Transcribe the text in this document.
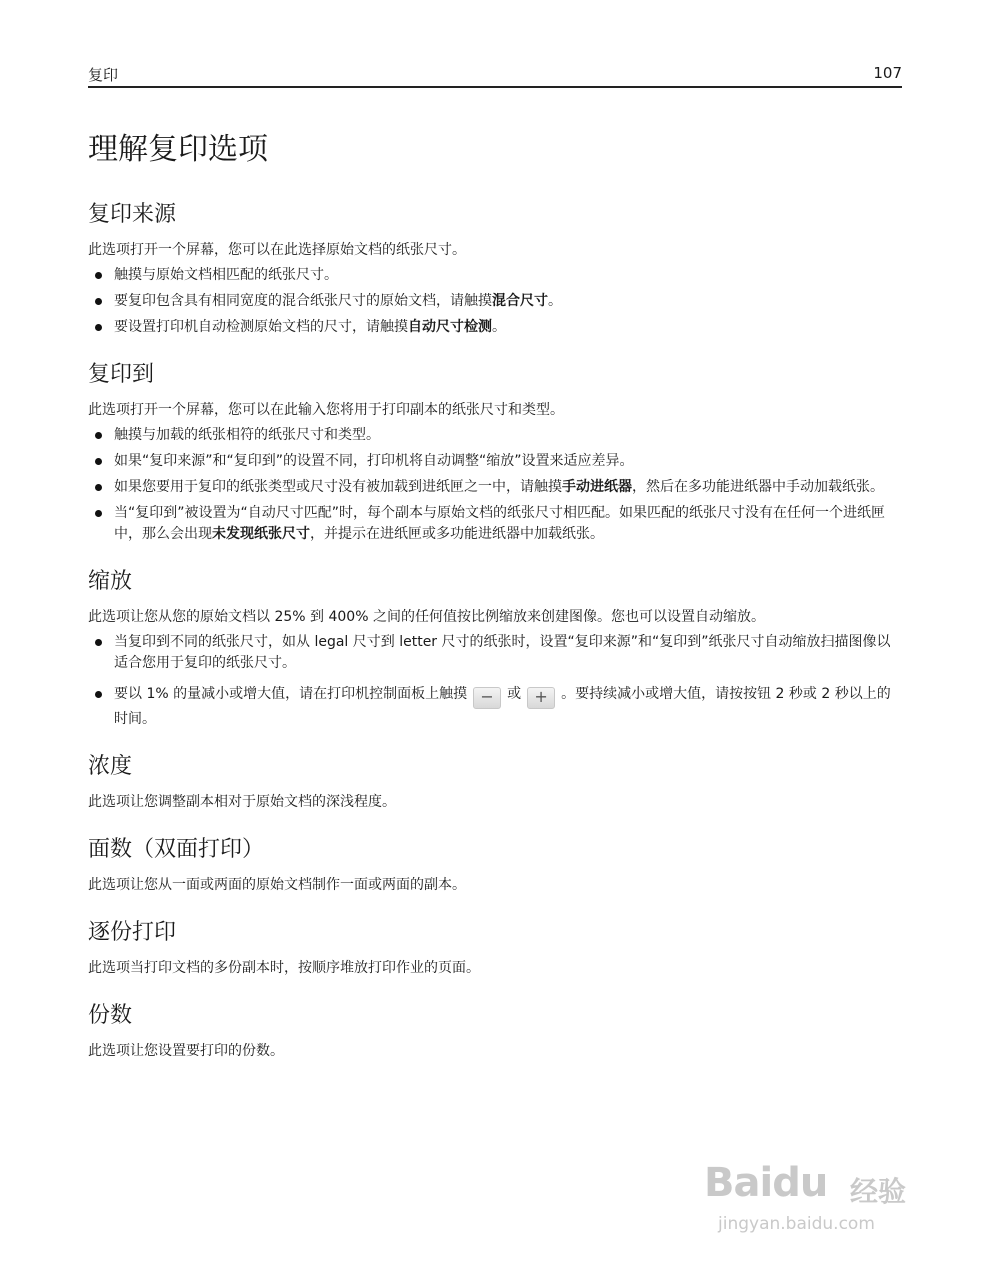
复印	107
理解复印选项
复印来源

此选项打开一个屏幕，您可以在此选择原始文档的纸张尺寸。

触摸与原始文档相匹配的纸张尺寸。
要复印包含具有相同宽度的混合纸张尺寸的原始文档，请触摸混合尺寸。
要设置打印机自动检测原始文档的尺寸，请触摸自动尺寸检测。
复印到

此选项打开一个屏幕，您可以在此输入您将用于打印副本的纸张尺寸和类型。

触摸与加载的纸张相符的纸张尺寸和类型。
如果“复印来源”和“复印到”的设置不同，打印机将自动调整“缩放”设置来适应差异。
如果您要用于复印的纸张类型或尺寸没有被加载到进纸匣之一中，请触摸手动进纸器，然后在多功能进纸器中手动加载纸张。
当“复印到”被设置为“自动尺寸匹配”时，每个副本与原始文档的纸张尺寸相匹配。如果匹配的纸张尺寸没有在任何一个进纸匣中，那么会出现未发现纸张尺寸，并提示在进纸匣或多功能进纸器中加载纸张。
缩放

此选项让您从您的原始文档以 25% 到 400% 之间的任何值按比例缩放来创建图像。您也可以设置自动缩放。

当复印到不同的纸张尺寸，如从 legal 尺寸到 letter 尺寸的纸张时，设置“复印来源”和“复印到”纸张尺寸自动缩放扫描图像以适合您用于复印的纸张尺寸。
要以 1% 的量减小或增大值，请在打印机控制面板上触摸 − 或 + 。要持续减小或增大值，请按按钮 2 秒或 2 秒以上的时间。
浓度

此选项让您调整副本相对于原始文档的深浅程度。

面数（双面打印）

此选项让您从一面或两面的原始文档制作一面或两面的副本。

逐份打印

此选项当打印文档的多份副本时，按顺序堆放打印作业的页面。

份数

此选项让您设置要打印的份数。

Baidu 经验
jingyan.baidu.com
